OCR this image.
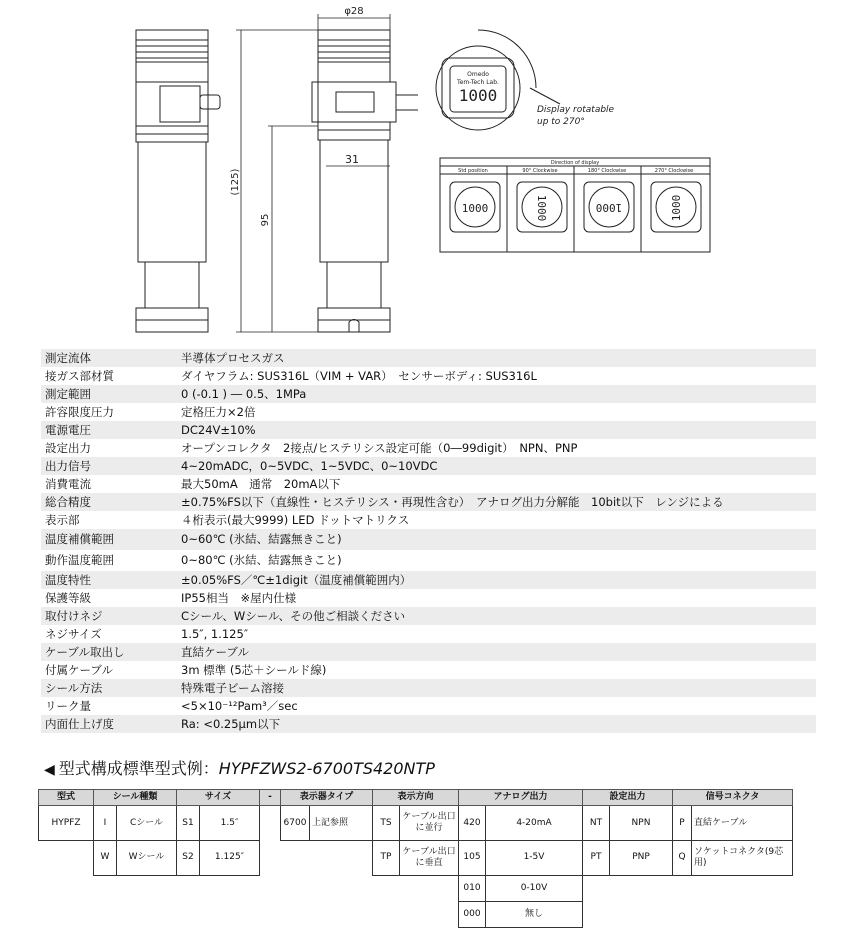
φ28
31
(125)
95
Display rotatable
up to 270°
Omedo
Tem-Tech Lab.
1000
Direction of display
Std position	90° Clockwise	180° Clockwise	270° Clockwise
1000	1000	1000	1000
測定流体	半導体プロセスガス
接ガス部材質	ダイヤフラム: SUS316L（VIM + VAR）　センサーボディ: SUS316L
測定範囲	0 (-0.1 ) ― 0.5、1MPa
許容限度圧力	定格圧力×2倍
電源電圧	DC24V±10%
設定出力	オープンコレクタ　2接点/ヒステリシス設定可能（0―99digit）　NPN、PNP
出力信号	4~20mADC，0~5VDC、1~5VDC、0~10VDC
消費電流	最大50mA　通常　20mA以下
総合精度	±0.75%FS以下（直線性・ヒステリシス・再現性含む）　アナログ出力分解能　10bit以下　レンジによる
表示部	４桁表示(最大9999) LED ドットマトリクス
温度補償範囲	0~60℃ (氷結、結露無きこと)
動作温度範囲	0~80℃ (氷結、結露無きこと)
温度特性	±0.05%FS／℃±1digit（温度補償範囲内）
保護等級	IP55相当　※屋内仕様
取付けネジ	Cシール、Wシール、その他ご相談ください
ネジサイズ	1.5″, 1.125″
ケーブル取出し	直結ケーブル
付属ケーブル	3m 標準 (5芯＋シールド線)
シール方法	特殊電子ビーム溶接
リーク量	<5×10⁻¹²Pam³／sec
内面仕上げ度	Ra: <0.25μm以下
◀ 型式構成標準型式例：HYPFZWS2-6700TS420NTP
型式	シール種類		サイズ		-	表示器タイプ		表示方向		アナログ出力		設定出力		信号コネクタ	
HYPFZ	I	Cシール	S1	1.5″		6700	上記参照	TS	ケーブル出口に並行	420	4-20mA	NT	NPN	P	直結ケーブル
	W	Wシール	S2	1.125″				TP	ケーブル出口に垂直	105	1-5V	PT	PNP	Q	ソケットコネクタ(9芯用)
										010	0-10V				
										000	無し				
